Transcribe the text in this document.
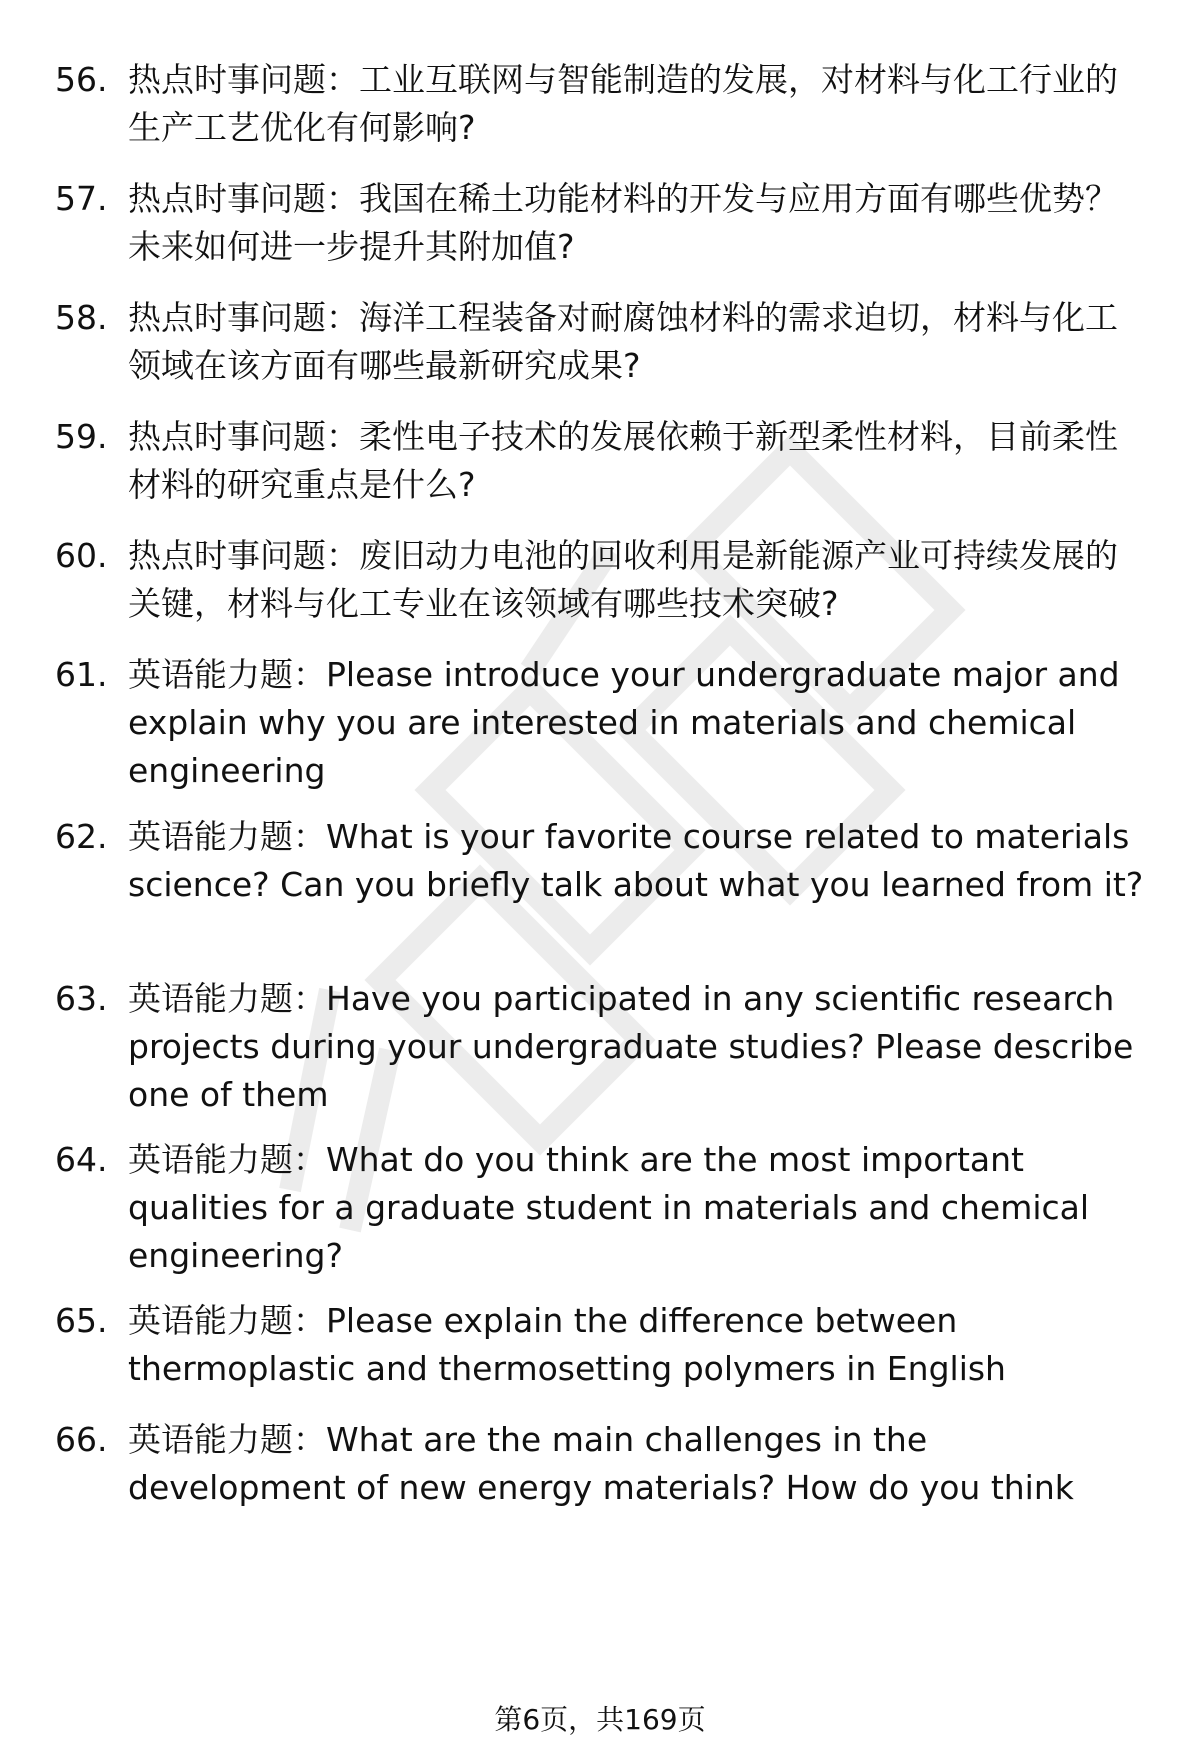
56. 热点时事问题：工业互联网与智能制造的发展，对材料与化工行业的生产工艺优化有何影响?
57. 热点时事问题：我国在稀土功能材料的开发与应用方面有哪些优势？未来如何进一步提升其附加值?
58. 热点时事问题：海洋工程装备对耐腐蚀材料的需求迫切，材料与化工领域在该方面有哪些最新研究成果?
59. 热点时事问题：柔性电子技术的发展依赖于新型柔性材料，目前柔性材料的研究重点是什么?
60. 热点时事问题：废旧动力电池的回收利用是新能源产业可持续发展的关键，材料与化工专业在该领域有哪些技术突破?
61. 英语能力题：Please introduce your undergraduate major and explain why you are interested in materials and chemical engineering
62. 英语能力题：What is your favorite course related to materials science? Can you briefly talk about what you learned from it?
63. 英语能力题：Have you participated in any scientific research projects during your undergraduate studies? Please describe one of them
64. 英语能力题：What do you think are the most important qualities for a graduate student in materials and chemical engineering?
65. 英语能力题：Please explain the difference between thermoplastic and thermosetting polymers in English
66. 英语能力题：What are the main challenges in the development of new energy materials? How do you think
第6页，共169页
